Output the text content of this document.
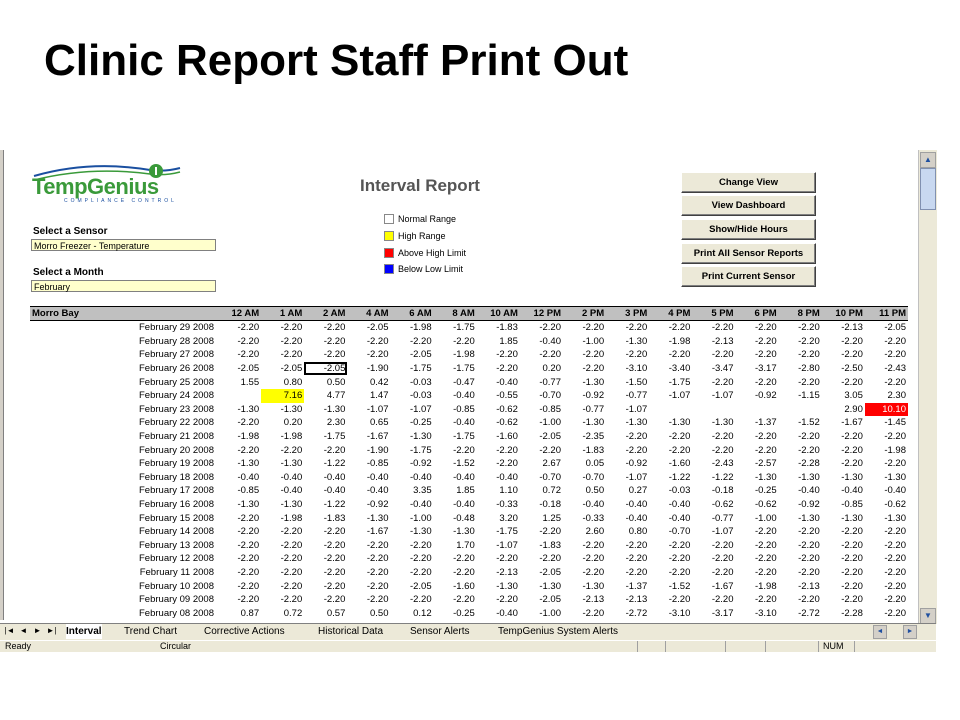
Clinic Report Staff Print Out
TempGenius
COMPLIANCE CONTROL
Interval Report
Select a Sensor
Morro Freezer - Temperature
Select a Month
February
Normal Range
High Range
Above High Limit
Below Low Limit
Change View
View Dashboard
Show/Hide Hours
Print All Sensor Reports
Print Current Sensor
Morro Bay	12 AM	1 AM	2 AM	4 AM	6 AM	8 AM	10 AM	12 PM	2 PM	3 PM	4 PM	5 PM	6 PM	8 PM	10 PM	11 PM
February 29 2008	-2.20	-2.20	-2.20	-2.05	-1.98	-1.75	-1.83	-2.20	-2.20	-2.20	-2.20	-2.20	-2.20	-2.20	-2.13	-2.05
February 28 2008	-2.20	-2.20	-2.20	-2.20	-2.20	-2.20	1.85	-0.40	-1.00	-1.30	-1.98	-2.13	-2.20	-2.20	-2.20	-2.20
February 27 2008	-2.20	-2.20	-2.20	-2.20	-2.05	-1.98	-2.20	-2.20	-2.20	-2.20	-2.20	-2.20	-2.20	-2.20	-2.20	-2.20
February 26 2008	-2.05	-2.05	-2.05	-1.90	-1.75	-1.75	-2.20	0.20	-2.20	-3.10	-3.40	-3.47	-3.17	-2.80	-2.50	-2.43
February 25 2008	1.55	0.80	0.50	0.42	-0.03	-0.47	-0.40	-0.77	-1.30	-1.50	-1.75	-2.20	-2.20	-2.20	-2.20	-2.20
February 24 2008		7.16	4.77	1.47	-0.03	-0.40	-0.55	-0.70	-0.92	-0.77	-1.07	-1.07	-0.92	-1.15	3.05	2.30
February 23 2008	-1.30	-1.30	-1.30	-1.07	-1.07	-0.85	-0.62	-0.85	-0.77	-1.07					2.90	10.10
February 22 2008	-2.20	0.20	2.30	0.65	-0.25	-0.40	-0.62	-1.00	-1.30	-1.30	-1.30	-1.30	-1.37	-1.52	-1.67	-1.45
February 21 2008	-1.98	-1.98	-1.75	-1.67	-1.30	-1.75	-1.60	-2.05	-2.35	-2.20	-2.20	-2.20	-2.20	-2.20	-2.20	-2.20
February 20 2008	-2.20	-2.20	-2.20	-1.90	-1.75	-2.20	-2.20	-2.20	-1.83	-2.20	-2.20	-2.20	-2.20	-2.20	-2.20	-1.98
February 19 2008	-1.30	-1.30	-1.22	-0.85	-0.92	-1.52	-2.20	2.67	0.05	-0.92	-1.60	-2.43	-2.57	-2.28	-2.20	-2.20
February 18 2008	-0.40	-0.40	-0.40	-0.40	-0.40	-0.40	-0.40	-0.70	-0.70	-1.07	-1.22	-1.22	-1.30	-1.30	-1.30	-1.30
February 17 2008	-0.85	-0.40	-0.40	-0.40	3.35	1.85	1.10	0.72	0.50	0.27	-0.03	-0.18	-0.25	-0.40	-0.40	-0.40
February 16 2008	-1.30	-1.30	-1.22	-0.92	-0.40	-0.40	-0.33	-0.18	-0.40	-0.40	-0.40	-0.62	-0.62	-0.92	-0.85	-0.62
February 15 2008	-2.20	-1.98	-1.83	-1.30	-1.00	-0.48	3.20	1.25	-0.33	-0.40	-0.40	-0.77	-1.00	-1.30	-1.30	-1.30
February 14 2008	-2.20	-2.20	-2.20	-1.67	-1.30	-1.30	-1.75	-2.20	2.60	0.80	-0.70	-1.07	-2.20	-2.20	-2.20	-2.20
February 13 2008	-2.20	-2.20	-2.20	-2.20	-2.20	1.70	-1.07	-1.83	-2.20	-2.20	-2.20	-2.20	-2.20	-2.20	-2.20	-2.20
February 12 2008	-2.20	-2.20	-2.20	-2.20	-2.20	-2.20	-2.20	-2.20	-2.20	-2.20	-2.20	-2.20	-2.20	-2.20	-2.20	-2.20
February 11 2008	-2.20	-2.20	-2.20	-2.20	-2.20	-2.20	-2.13	-2.05	-2.20	-2.20	-2.20	-2.20	-2.20	-2.20	-2.20	-2.20
February 10 2008	-2.20	-2.20	-2.20	-2.20	-2.05	-1.60	-1.30	-1.30	-1.30	-1.37	-1.52	-1.67	-1.98	-2.13	-2.20	-2.20
February 09 2008	-2.20	-2.20	-2.20	-2.20	-2.20	-2.20	-2.20	-2.05	-2.13	-2.13	-2.20	-2.20	-2.20	-2.20	-2.20	-2.20
February 08 2008	0.87	0.72	0.57	0.50	0.12	-0.25	-0.40	-1.00	-2.20	-2.72	-3.10	-3.17	-3.10	-2.72	-2.28	-2.20
▲
▼
|◄ ◄ ► ►| Interval Trend Chart	Corrective Actions	Historical Data	Sensor Alerts	TempGenius System Alerts	◄	►
Ready	Circular	NUM
